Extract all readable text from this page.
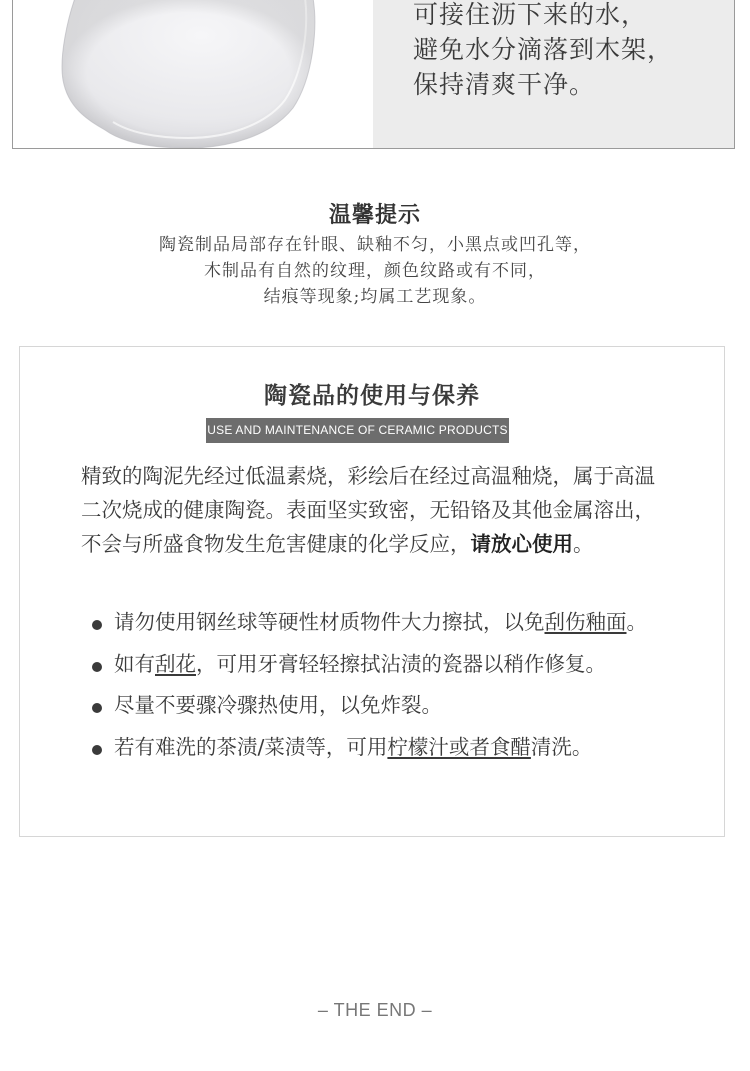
可接住沥下来的水，
避免水分滴落到木架，
保持清爽干净。
温馨提示
陶瓷制品局部存在针眼、缺釉不匀，小黑点或凹孔等，
木制品有自然的纹理，颜色纹路或有不同，
结痕等现象;均属工艺现象。
陶瓷品的使用与保养
USE AND MAINTENANCE OF CERAMIC PRODUCTS
精致的陶泥先经过低温素烧，彩绘后在经过高温釉烧，属于高温二次烧成的健康陶瓷。表面坚实致密，无铅铬及其他金属溶出，不会与所盛食物发生危害健康的化学反应，请放心使用。
请勿使用钢丝球等硬性材质物件大力擦拭，以免刮伤釉面。
如有刮花，可用牙膏轻轻擦拭沾渍的瓷器以稍作修复。
尽量不要骤冷骤热使用，以免炸裂。
若有难洗的茶渍/菜渍等，可用柠檬汁或者食醋清洗。
– THE END –
